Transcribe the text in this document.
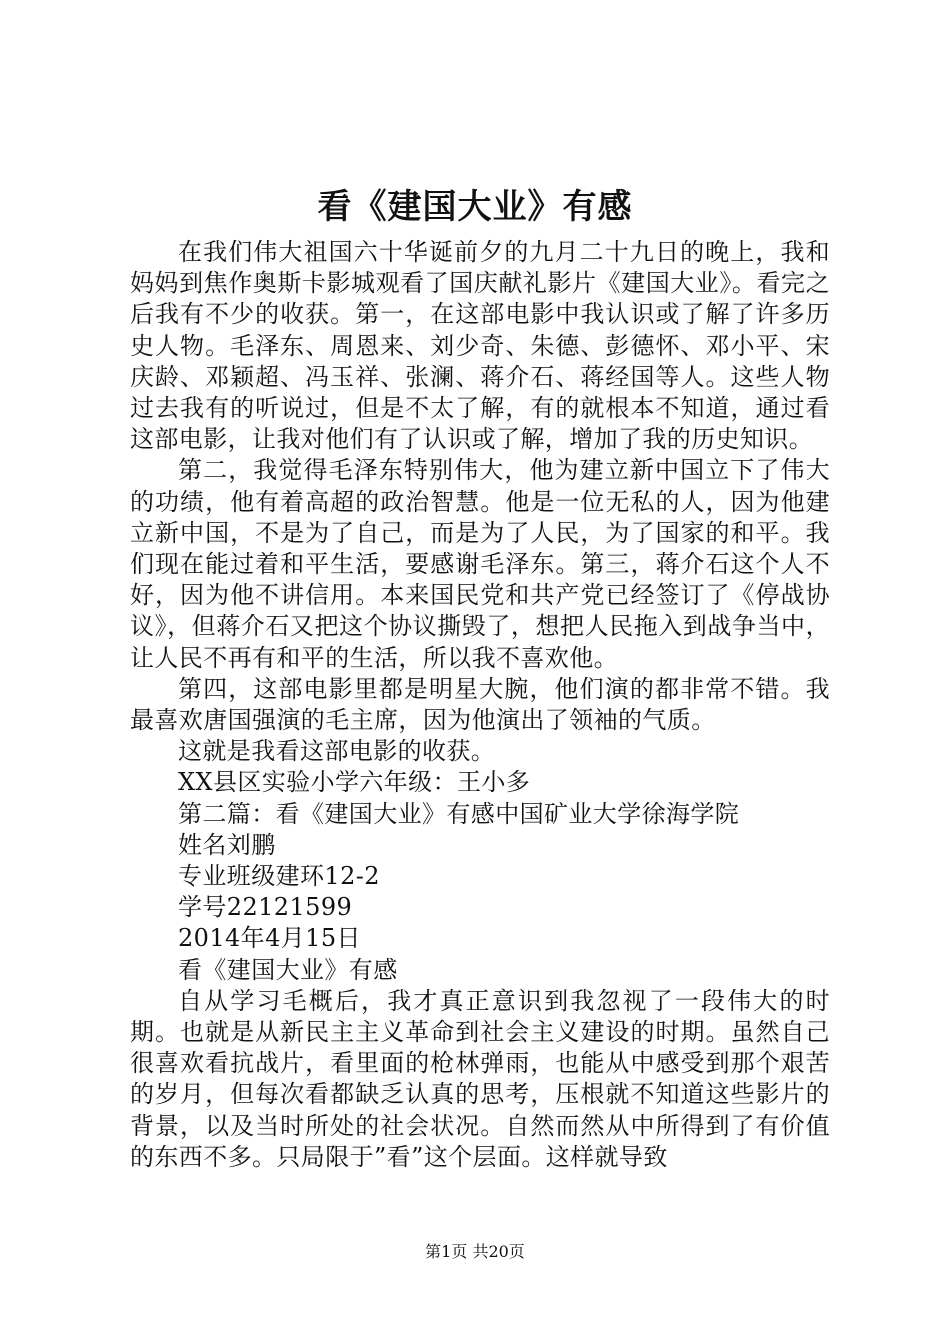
看《建国大业》有感

在我们伟大祖国六十华诞前夕的九月二十九日的晚上，我和妈妈到焦作奥斯卡影城观看了国庆献礼影片《建国大业》。看完之后我有不少的收获。第一，在这部电影中我认识或了解了许多历史人物。毛泽东、周恩来、刘少奇、朱德、彭德怀、邓小平、宋庆龄、邓颖超、冯玉祥、张澜、蒋介石、蒋经国等人。这些人物过去我有的听说过，但是不太了解，有的就根本不知道，通过看这部电影，让我对他们有了认识或了解，增加了我的历史知识。

第二，我觉得毛泽东特别伟大，他为建立新中国立下了伟大的功绩，他有着高超的政治智慧。他是一位无私的人，因为他建立新中国，不是为了自己，而是为了人民，为了国家的和平。我们现在能过着和平生活，要感谢毛泽东。第三，蒋介石这个人不好，因为他不讲信用。本来国民党和共产党已经签订了《停战协议》，但蒋介石又把这个协议撕毁了，想把人民拖入到战争当中，让人民不再有和平的生活，所以我不喜欢他。

第四，这部电影里都是明星大腕，他们演的都非常不错。我最喜欢唐国强演的毛主席，因为他演出了领袖的气质。

这就是我看这部电影的收获。

XX县区实验小学六年级：王小多

第二篇：看《建国大业》有感中国矿业大学徐海学院

姓名刘鹏

专业班级建环12-2

学号22121599

2014年4月15日

看《建国大业》有感

自从学习毛概后，我才真正意识到我忽视了一段伟大的时期。也就是从新民主主义革命到社会主义建设的时期。虽然自己很喜欢看抗战片，看里面的枪林弹雨，也能从中感受到那个艰苦的岁月，但每次看都缺乏认真的思考，压根就不知道这些影片的背景，以及当时所处的社会状况。自然而然从中所得到了有价值的东西不多。只局限于”看”这个层面。这样就导致

第1页 共20页
